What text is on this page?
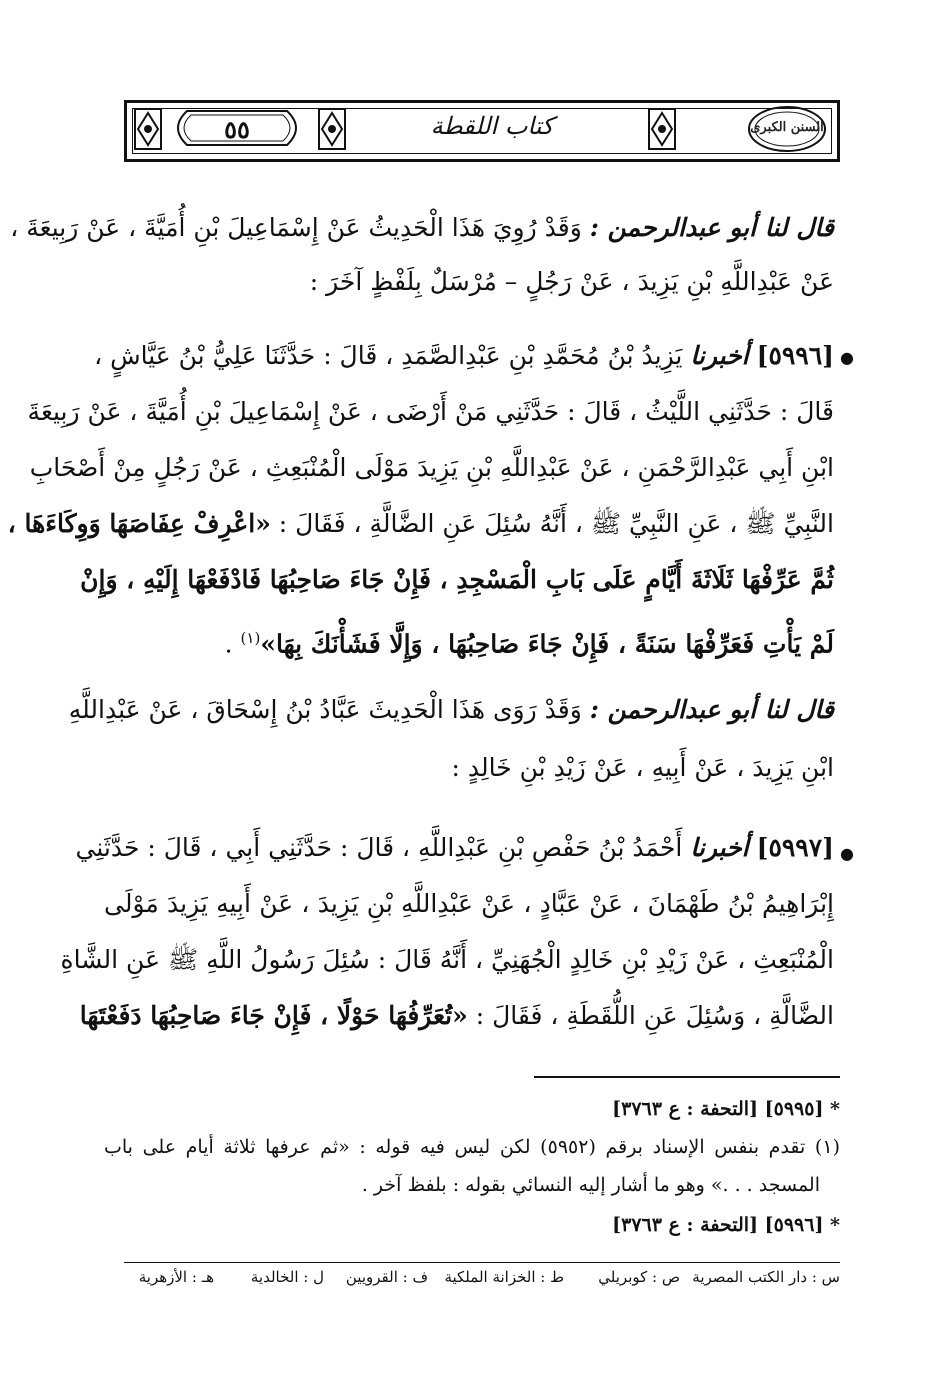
٥٥	كتاب اللقطة	السنن الكبرى
قال لنا أبو عبدالرحمن : وَقَدْ رُوِيَ هَذَا الْحَدِيثُ عَنْ إِسْمَاعِيلَ بْنِ أُمَيَّةَ ، عَنْ رَبِيعَةَ ،
عَنْ عَبْدِاللَّهِ بْنِ يَزِيدَ ، عَنْ رَجُلٍ – مُرْسَلٌ بِلَفْظٍ آخَرَ :
●
[٥٩٩٦] أخبرنا يَزِيدُ بْنُ مُحَمَّدِ بْنِ عَبْدِالصَّمَدِ ، قَالَ : حَدَّثَنَا عَلِيُّ بْنُ عَيَّاشٍ ،
قَالَ : حَدَّثَنِي اللَّيْثُ ، قَالَ : حَدَّثَنِي مَنْ أَرْضَى ، عَنْ إِسْمَاعِيلَ بْنِ أُمَيَّةَ ، عَنْ رَبِيعَةَ
ابْنِ أَبِي عَبْدِالرَّحْمَنِ ، عَنْ عَبْدِاللَّهِ بْنِ يَزِيدَ مَوْلَى الْمُنْبَعِثِ ، عَنْ رَجُلٍ مِنْ أَصْحَابِ
النَّبِيِّ ﷺ ، عَنِ النَّبِيِّ ﷺ ، أَنَّهُ سُئِلَ عَنِ الضَّالَّةِ ، فَقَالَ : «اعْرِفْ عِفَاصَهَا وَوِكَاءَهَا ،
ثُمَّ عَرِّفْهَا ثَلَاثَةَ أَيَّامٍ عَلَى بَابِ الْمَسْجِدِ ، فَإِنْ جَاءَ صَاحِبُهَا فَادْفَعْهَا إِلَيْهِ ، وَإِنْ
لَمْ يَأْتِ فَعَرِّفْهَا سَنَةً ، فَإِنْ جَاءَ صَاحِبُهَا ، وَإِلَّا فَشَأْنَكَ بِهَا»$^{(١)}$ .
قال لنا أبو عبدالرحمن : وَقَدْ رَوَى هَذَا الْحَدِيثَ عَبَّادُ بْنُ إِسْحَاقَ ، عَنْ عَبْدِاللَّهِ
ابْنِ يَزِيدَ ، عَنْ أَبِيهِ ، عَنْ زَيْدِ بْنِ خَالِدٍ :
●
[٥٩٩٧] أخبرنا أَحْمَدُ بْنُ حَفْصِ بْنِ عَبْدِاللَّهِ ، قَالَ : حَدَّثَنِي أَبِي ، قَالَ : حَدَّثَنِي
إِبْرَاهِيمُ بْنُ طَهْمَانَ ، عَنْ عَبَّادٍ ، عَنْ عَبْدِاللَّهِ بْنِ يَزِيدَ ، عَنْ أَبِيهِ يَزِيدَ مَوْلَى
الْمُنْبَعِثِ ، عَنْ زَيْدِ بْنِ خَالِدٍ الْجُهَنِيِّ ، أَنَّهُ قَالَ : سُئِلَ رَسُولُ اللَّهِ ﷺ عَنِ الشَّاةِ
الضَّالَّةِ ، وَسُئِلَ عَنِ اللُّقَطَةِ ، فَقَالَ : «تُعَرِّفُهَا حَوْلًا ، فَإِنْ جَاءَ صَاحِبُهَا دَفَعْتَهَا
* [٥٩٩٥] [التحفة : ع ٣٧٦٣]
(١) تقدم بنفس الإسناد برقم (٥٩٥٢) لكن ليس فيه قوله : «ثم عرفها ثلاثة أيام على باب
المسجد . . .» وهو ما أشار إليه النسائي بقوله : بلفظ آخر .
* [٥٩٩٦] [التحفة : ع ٣٧٦٣]
س : دار الكتب المصرية
ص : كوبريلي
ط : الخزانة الملكية
ف : القرويين
ل : الخالدية
هـ : الأزهرية
